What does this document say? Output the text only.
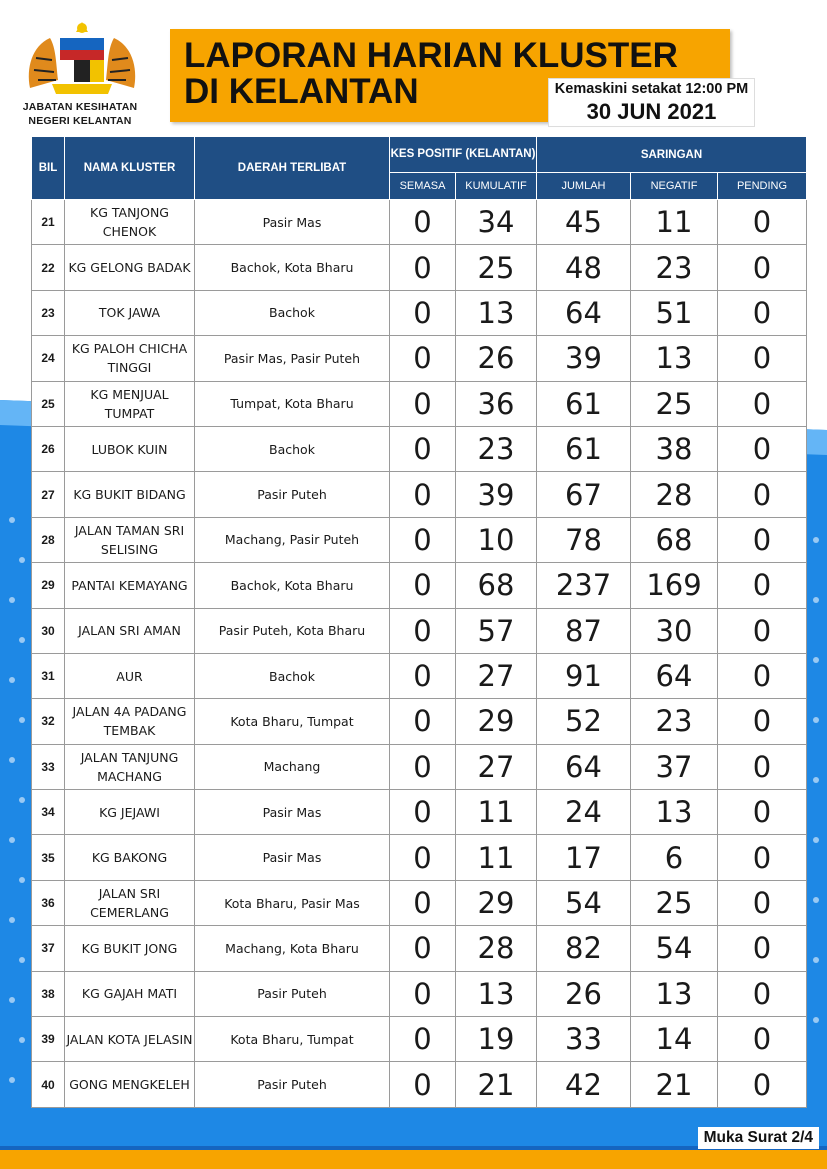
JABATAN KESIHATAN NEGERI KELANTAN
LAPORAN HARIAN KLUSTER
DI KELANTAN	Kemaskini setakat 12:00 PM
30 JUN 2021
BIL	NAMA KLUSTER	DAERAH TERLIBAT	KES POSITIF (KELANTAN)		SARINGAN		
			SEMASA	KUMULATIF	JUMLAH	NEGATIF	PENDING
21	KG TANJONG CHENOK	Pasir Mas	0	34	45	11	0
22	KG GELONG BADAK	Bachok, Kota Bharu	0	25	48	23	0
23	TOK JAWA	Bachok	0	13	64	51	0
24	KG PALOH CHICHA TINGGI	Pasir Mas, Pasir Puteh	0	26	39	13	0
25	KG MENJUAL TUMPAT	Tumpat, Kota Bharu	0	36	61	25	0
26	LUBOK KUIN	Bachok	0	23	61	38	0
27	KG BUKIT BIDANG	Pasir Puteh	0	39	67	28	0
28	JALAN TAMAN SRI SELISING	Machang, Pasir Puteh	0	10	78	68	0
29	PANTAI KEMAYANG	Bachok, Kota Bharu	0	68	237	169	0
30	JALAN SRI AMAN	Pasir Puteh, Kota Bharu	0	57	87	30	0
31	AUR	Bachok	0	27	91	64	0
32	JALAN 4A PADANG TEMBAK	Kota Bharu, Tumpat	0	29	52	23	0
33	JALAN TANJUNG MACHANG	Machang	0	27	64	37	0
34	KG JEJAWI	Pasir Mas	0	11	24	13	0
35	KG BAKONG	Pasir Mas	0	11	17	6	0
36	JALAN SRI CEMERLANG	Kota Bharu, Pasir Mas	0	29	54	25	0
37	KG BUKIT JONG	Machang, Kota Bharu	0	28	82	54	0
38	KG GAJAH MATI	Pasir Puteh	0	13	26	13	0
39	JALAN KOTA JELASIN	Kota Bharu, Tumpat	0	19	33	14	0
40	GONG MENGKELEH	Pasir Puteh	0	21	42	21	0
Muka Surat 2/4
